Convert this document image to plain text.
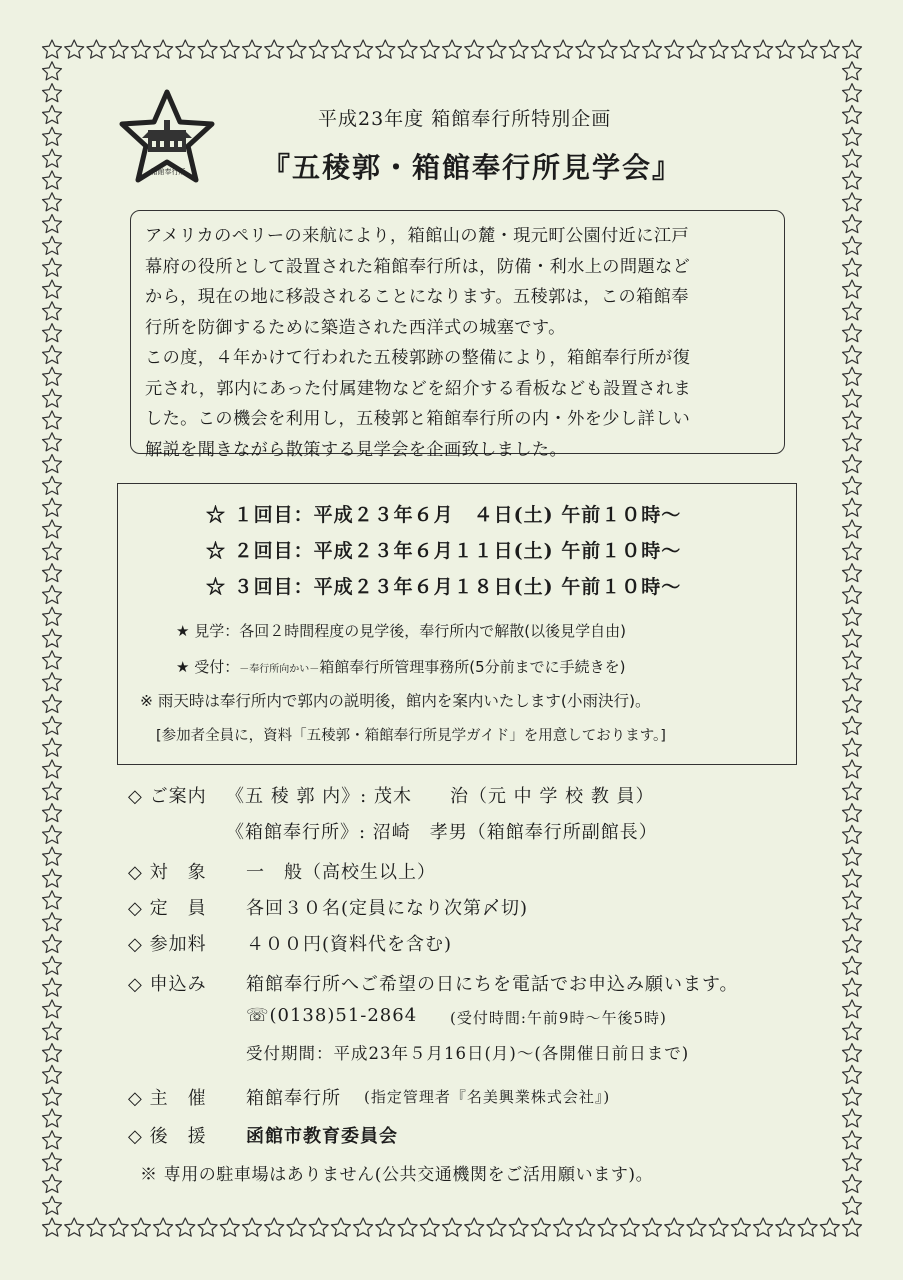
箱館奉行所
平成23年度 箱館奉行所特別企画
『五稜郭・箱館奉行所見学会』

アメリカのペリーの来航により，箱館山の麓・現元町公園付近に江戸

幕府の役所として設置された箱館奉行所は，防備・利水上の問題など

から，現在の地に移設されることになります。五稜郭は，この箱館奉

行所を防御するために築造された西洋式の城塞です。

この度，４年かけて行われた五稜郭跡の整備により，箱館奉行所が復

元され，郭内にあった付属建物などを紹介する看板なども設置されま

した。この機会を利用し，五稜郭と箱館奉行所の内・外を少し詳しい

解説を聞きながら散策する見学会を企画致しました。

☆ １回目：平成２３年６月　４日(土) 午前１０時～
☆ ２回目：平成２３年６月１１日(土) 午前１０時～
☆ ３回目：平成２３年６月１８日(土) 午前１０時～
★ 見学：各回２時間程度の見学後，奉行所内で解散(以後見学自由)
★ 受付：－奉行所向かい－箱館奉行所管理事務所(5分前までに手続きを)
※ 雨天時は奉行所内で郭内の説明後，館内を案内いたします(小雨決行)。
[参加者全員に，資料「五稜郭・箱館奉行所見学ガイド」を用意しております。]
◇ ご案内 《五 稜 郭 内》: 茂木　　治（元 中 学 校 教 員）
《箱館奉行所》: 沼崎　孝男（箱館奉行所副館長）
◇ 対　象 一　般（高校生以上）
◇ 定　員 各回３０名(定員になり次第〆切)
◇ 参加料 ４００円(資料代を含む)
◇ 申込み 箱館奉行所へご希望の日にちを電話でお申込み願います。
☏(0138)51-2864 (受付時間:午前9時～午後5時)
受付期間：平成23年５月16日(月)～(各開催日前日まで)
◇ 主　催 箱館奉行所 (指定管理者『名美興業株式会社』)
◇ 後　援 函館市教育委員会
※ 専用の駐車場はありません(公共交通機関をご活用願います)。
